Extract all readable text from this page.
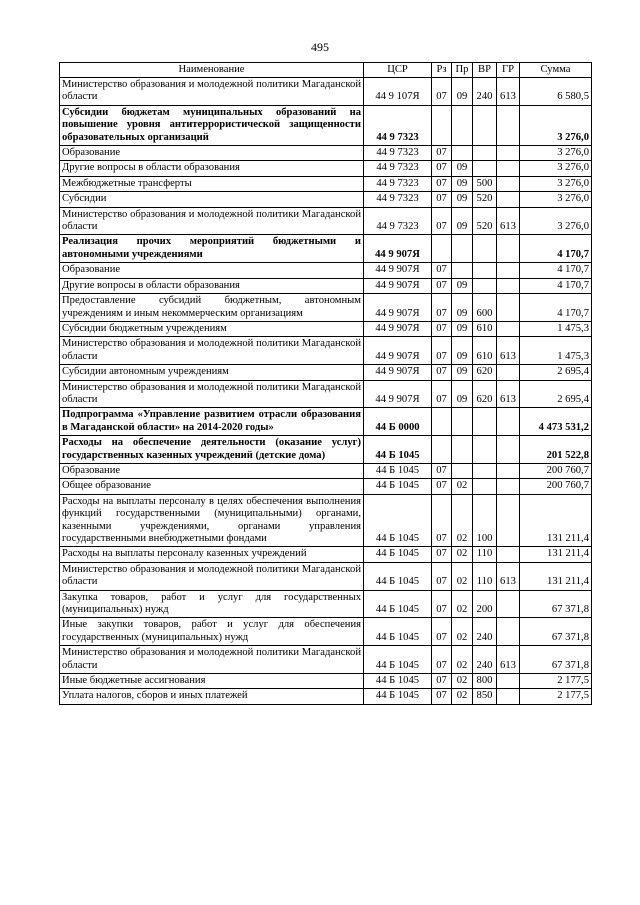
495
Наименование	ЦСР	Рз	Пр	ВР	ГР	Сумма
Министерство образования и молодежной политики Магаданской области	44 9 107Я	07	09	240	613	6 580,5
Субсидии бюджетам муниципальных образований на повышение уровня антитеррористической защищенности образовательных организаций	44 9 7323					3 276,0
Образование	44 9 7323	07				3 276,0
Другие вопросы в области образования	44 9 7323	07	09			3 276,0
Межбюджетные трансферты	44 9 7323	07	09	500		3 276,0
Субсидии	44 9 7323	07	09	520		3 276,0
Министерство образования и молодежной политики Магаданской области	44 9 7323	07	09	520	613	3 276,0
Реализация прочих мероприятий бюджетными и автономными учреждениями	44 9 907Я					4 170,7
Образование	44 9 907Я	07				4 170,7
Другие вопросы в области образования	44 9 907Я	07	09			4 170,7
Предоставление субсидий бюджетным, автономным учреждениям и иным некоммерческим организациям	44 9 907Я	07	09	600		4 170,7
Субсидии бюджетным учреждениям	44 9 907Я	07	09	610		1 475,3
Министерство образования и молодежной политики Магаданской области	44 9 907Я	07	09	610	613	1 475,3
Субсидии автономным учреждениям	44 9 907Я	07	09	620		2 695,4
Министерство образования и молодежной политики Магаданской области	44 9 907Я	07	09	620	613	2 695,4
Подпрограмма «Управление развитием отрасли образования в Магаданской области» на 2014-2020 годы»	44 Б 0000					4 473 531,2
Расходы на обеспечение деятельности (оказание услуг) государственных казенных учреждений (детские дома)	44 Б 1045					201 522,8
Образование	44 Б 1045	07				200 760,7
Общее образование	44 Б 1045	07	02			200 760,7
Расходы на выплаты персоналу в целях обеспечения выполнения функций государственными (муниципальными) органами, казенными учреждениями, органами управления государственными внебюджетными фондами	44 Б 1045	07	02	100		131 211,4
Расходы на выплаты персоналу казенных учреждений	44 Б 1045	07	02	110		131 211,4
Министерство образования и молодежной политики Магаданской области	44 Б 1045	07	02	110	613	131 211,4
Закупка товаров, работ и услуг для государственных (муниципальных) нужд	44 Б 1045	07	02	200		67 371,8
Иные закупки товаров, работ и услуг для обеспечения государственных (муниципальных) нужд	44 Б 1045	07	02	240		67 371,8
Министерство образования и молодежной политики Магаданской области	44 Б 1045	07	02	240	613	67 371,8
Иные бюджетные ассигнования	44 Б 1045	07	02	800		2 177,5
Уплата налогов, сборов и иных платежей	44 Б 1045	07	02	850		2 177,5
